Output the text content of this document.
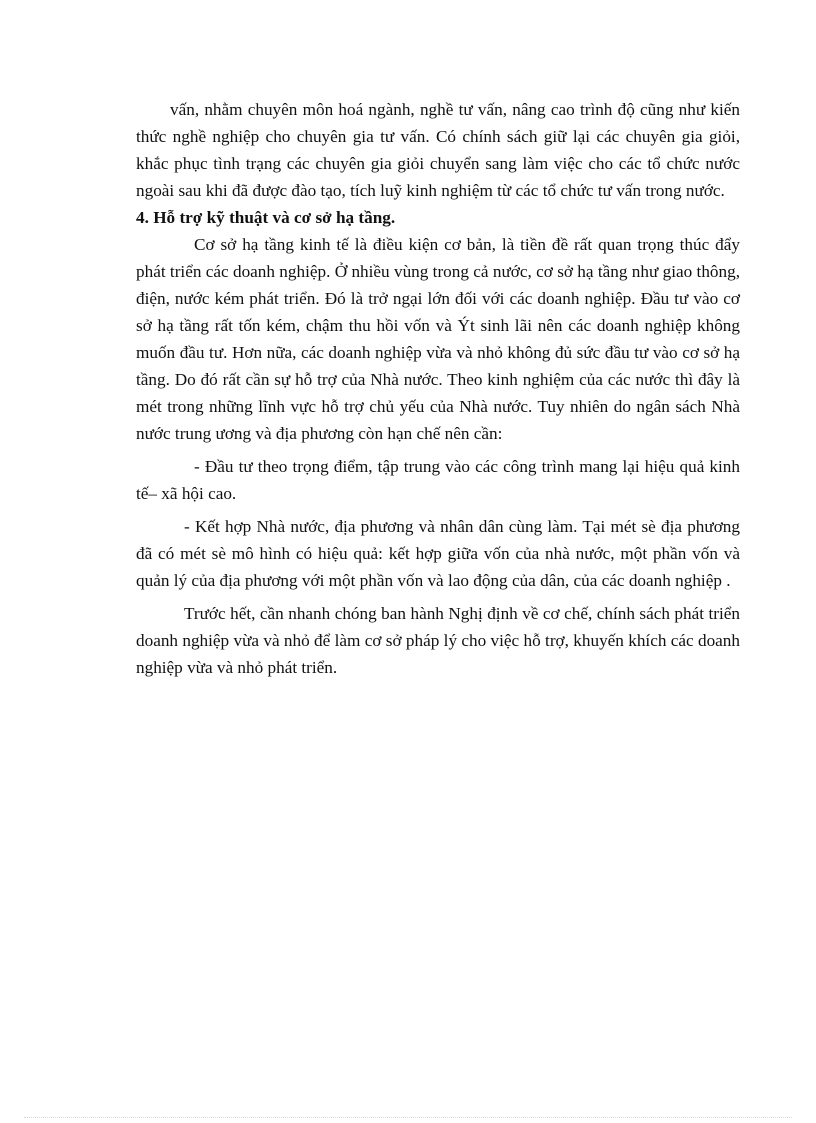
vấn, nhằm chuyên môn hoá ngành, nghề tư vấn, nâng cao trình độ cũng như kiến thức nghề nghiệp cho chuyên gia tư vấn. Có chính sách giữ lại các chuyên gia giỏi, khắc phục tình trạng các chuyên gia giỏi chuyển sang làm việc cho các tổ chức nước ngoài sau khi đã được đào tạo, tích luỹ kinh nghiệm từ các tổ chức tư vấn trong nước.

4. Hỗ trợ kỹ thuật và cơ sở hạ tầng.

Cơ sở hạ tầng kinh tế là điều kiện cơ bản, là tiền đề rất quan trọng thúc đẩy phát triển các doanh nghiệp. Ở nhiều vùng trong cả nước, cơ sở hạ tầng như giao thông, điện, nước kém phát triển. Đó là trở ngại lớn đối với các doanh nghiệp. Đầu tư vào cơ sở hạ tầng rất tốn kém, chậm thu hồi vốn và Ýt sinh lãi nên các doanh nghiệp không muốn đầu tư. Hơn nữa, các doanh nghiệp vừa và nhỏ không đủ sức đầu tư vào cơ sở hạ tầng. Do đó rất cần sự hỗ trợ của Nhà nước. Theo kinh nghiệm của các nước thì đây là mét trong những lĩnh vực hỗ trợ chủ yếu của Nhà nước. Tuy nhiên do ngân sách Nhà nước trung ương và địa phương còn hạn chế nên cần:

- Đầu tư theo trọng điểm, tập trung vào các công trình mang lại hiệu quả kinh tế– xã hội cao.

- Kết hợp Nhà nước, địa phương và nhân dân cùng làm. Tại mét sè địa phương đã có mét sè mô hình có hiệu quả: kết hợp giữa vốn của nhà nước, một phần vốn và quản lý của địa phương với một phần vốn và lao động của dân, của các doanh nghiệp .

Trước hết, cần nhanh chóng ban hành Nghị định về cơ chế, chính sách phát triển doanh nghiệp vừa và nhỏ để làm cơ sở pháp lý cho việc hỗ trợ, khuyến khích các doanh nghiệp vừa và nhỏ phát triển.
